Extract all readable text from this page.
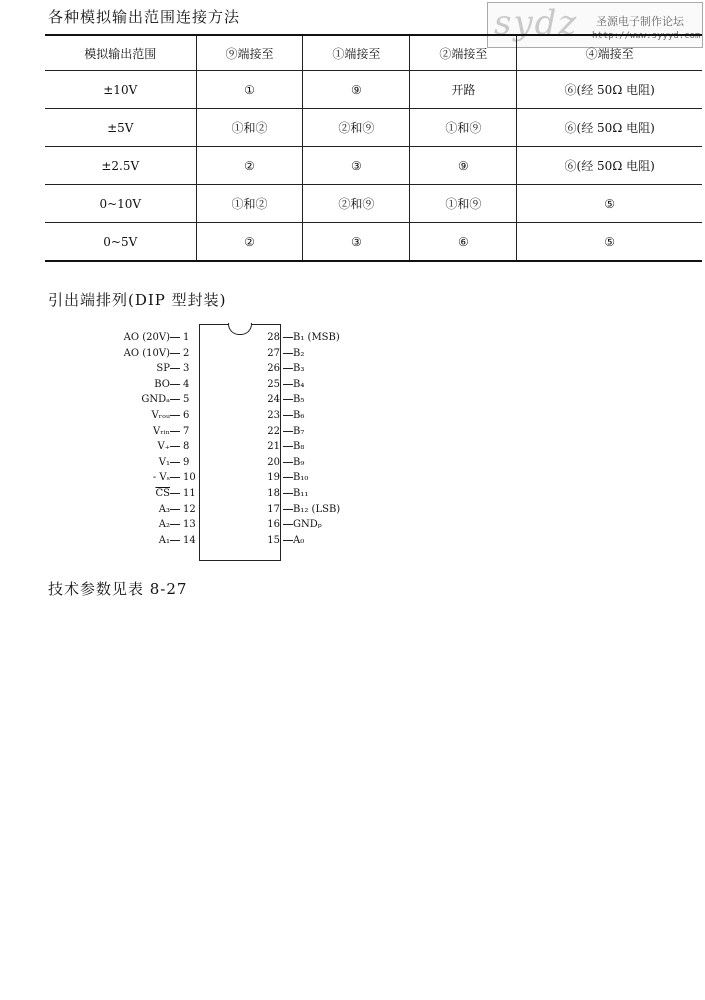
各种模拟输出范围连接方法	sydz 圣源电子制作论坛
http://www.syyyd.com
模拟输出范围	⑨端接至	①端接至	②端接至	④端接至
±10V	①	⑨	开路	⑥(经 50Ω 电阻)
±5V	①和②	②和⑨	①和⑨	⑥(经 50Ω 电阻)
±2.5V	②	③	⑨	⑥(经 50Ω 电阻)
0~10V	①和②	②和⑨	①和⑨	⑤
0~5V	②	③	⑥	⑤
引出端排列(DIP 型封装)
AO (20V) 1
AO (10V) 2
SP 3
BO 4
GNDₐ 5
Vᵣₒᵤ 6
Vᵣᵢₙ 7
V₊ 8
V₁ 9
- Vₛ 10
$\overline{CS}$ 11
A₃ 12
A₂ 13
A₁ 14
28 B₁ (MSB)
27 B₂
26 B₃
25 B₄
24 B₅
23 B₆
22 B₇
21 B₈
20 B₉
19 B₁₀
18 B₁₁
17 B₁₂ (LSB)
16 GNDₚ
15 A₀

技术参数见表 8-27
